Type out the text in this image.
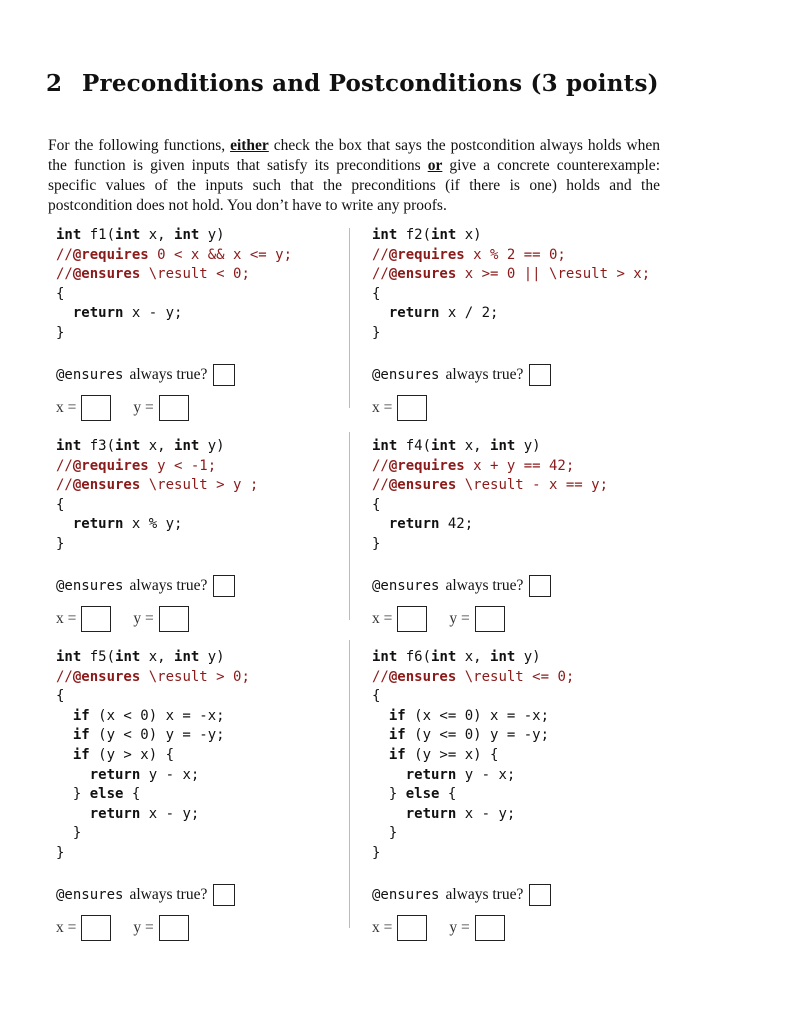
2 Preconditions and Postconditions (3 points)

For the following functions, either check the box that says the postcondition always holds when the function is given inputs that satisfy its preconditions or give a concrete counterexample: specific values of the inputs such that the preconditions (if there is one) holds and the postcondition does not hold. You don’t have to write any proofs.

int f1(int x, int y)
//@requires 0 < x && x <= y;
//@ensures \result < 0;
{
return x - y;
}
@ensures always true?
x =	y =
int f2(int x)
//@requires x % 2 == 0;
//@ensures x >= 0 || \result > x;
{
return x / 2;
}
@ensures always true?
x =
int f3(int x, int y)
//@requires y < -1;
//@ensures \result > y ;
{
return x % y;
}
@ensures always true?
x =	y =
int f4(int x, int y)
//@requires x + y == 42;
//@ensures \result - x == y;
{
return 42;
}
@ensures always true?
x =	y =
int f5(int x, int y)
//@ensures \result > 0;
{
if (x < 0) x = -x;
if (y < 0) y = -y;
if (y > x) {
return y - x;
} else {
return x - y;
}
}
@ensures always true?
x =	y =
int f6(int x, int y)
//@ensures \result <= 0;
{
if (x <= 0) x = -x;
if (y <= 0) y = -y;
if (y >= x) {
return y - x;
} else {
return x - y;
}
}
@ensures always true?
x =	y =
